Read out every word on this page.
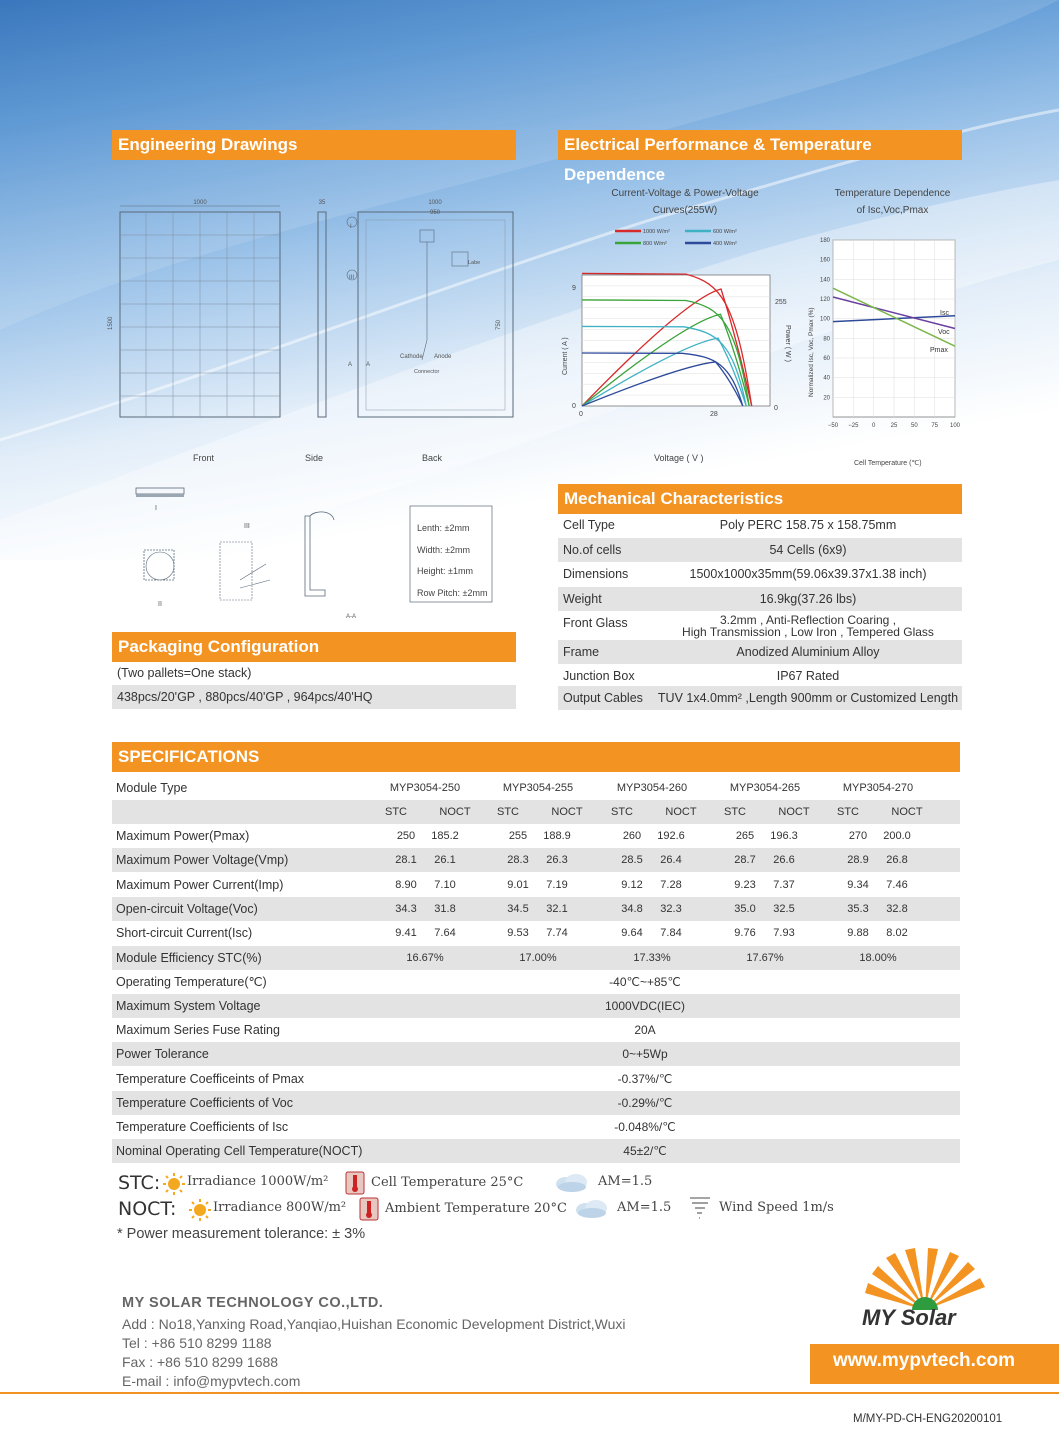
Engineering Drawings	Electrical Performance & Temperature Dependence
1000
1500
35	1000
950
750
Cathode Anode
Connector
A A
I
III
Labe
Front	Side	Back
I
II
III
A-A
Lenth: ±2mm
Width: ±2mm
Height: ±1mm
Row Pitch: ±2mm
Packaging Configuration
(Two pallets=One stack)
438pcs/20'GP , 880pcs/40'GP , 964pcs/40'HQ
Current-Voltage & Power-Voltage
Curves(255W)
1000 W/m²
800 W/m²
600 W/m²
400 W/m²
9
0
0	28
255
0
Current ( A )	Power ( W )
Temperature Dependence
of Isc,Voc,Pmax
20
40
60
80
100
120
140
160
180
−50 −25 0	25 50 75 100
Isc
Voc
Pmax
Normalized Isc, Voc, Pmax (%)
Cell Temperature (℃)
Mechanical Characteristics
Cell Type	Poly PERC 158.75 x 158.75mm
No.of cells	54 Cells (6x9)
Dimensions	1500x1000x35mm(59.06x39.37x1.38 inch)
Weight	16.9kg(37.26 lbs)
Front Glass	3.2mm , Anti-Reflection Coaring ,
High Transmission , Low Iron , Tempered Glass
Frame	Anodized Aluminium Alloy
Junction Box	IP67 Rated
Output Cables	TUV 1x4.0mm² ,Length 900mm or Customized Length
SPECIFICATIONS
Module Type	MYP3054-250	MYP3054-255	MYP3054-260	MYP3054-265	MYP3054-270
STC	NOCT	STC	NOCT	STC	NOCT	STC	NOCT	STC	NOCT
Maximum Power(Pmax)	250	185.2	255	188.9	260	192.6	265	196.3	270	200.0
Maximum Power Voltage(Vmp)	28.1	26.1	28.3	26.3	28.5	26.4	28.7	26.6	28.9	26.8
Maximum Power Current(Imp)	8.90	7.10	9.01	7.19	9.12	7.28	9.23	7.37	9.34	7.46
Open-circuit Voltage(Voc)	34.3	31.8	34.5	32.1	34.8	32.3	35.0	32.5	35.3	32.8
Short-circuit Current(Isc)	9.41	7.64	9.53	7.74	9.64	7.84	9.76	7.93	9.88	8.02
Module Efficiency STC(%)	16.67%	17.00%	17.33%	17.67%	18.00%
Operating Temperature(℃)	-40℃~+85℃
Maximum System Voltage	1000VDC(IEC)
Maximum Series Fuse Rating	20A
Power Tolerance	0~+5Wp
Temperature Coefficeints of Pmax	-0.37%/℃
Temperature Coefficients of Voc	-0.29%/℃
Temperature Coefficients of Isc	-0.048%/℃
Nominal Operating Cell Temperature(NOCT)	45±2/℃
STC:
NOCT:
Irradiance 1000W/m²	Cell Temperature 25°C	AM=1.5
Irradiance 800W/m²	Ambient Temperature 20°C	AM=1.5	Wind Speed 1m/s
* Power measurement tolerance: ± 3%
MY SOLAR TECHNOLOGY CO.,LTD.
Add : No18,Yanxing Road,Yanqiao,Huishan Economic Development District,Wuxi
Tel : +86 510 8299 1188
Fax : +86 510 8299 1688
E-mail : info@mypvtech.com
MY Solar
www.mypvtech.com
M/MY-PD-CH-ENG20200101
Voltage ( V )
